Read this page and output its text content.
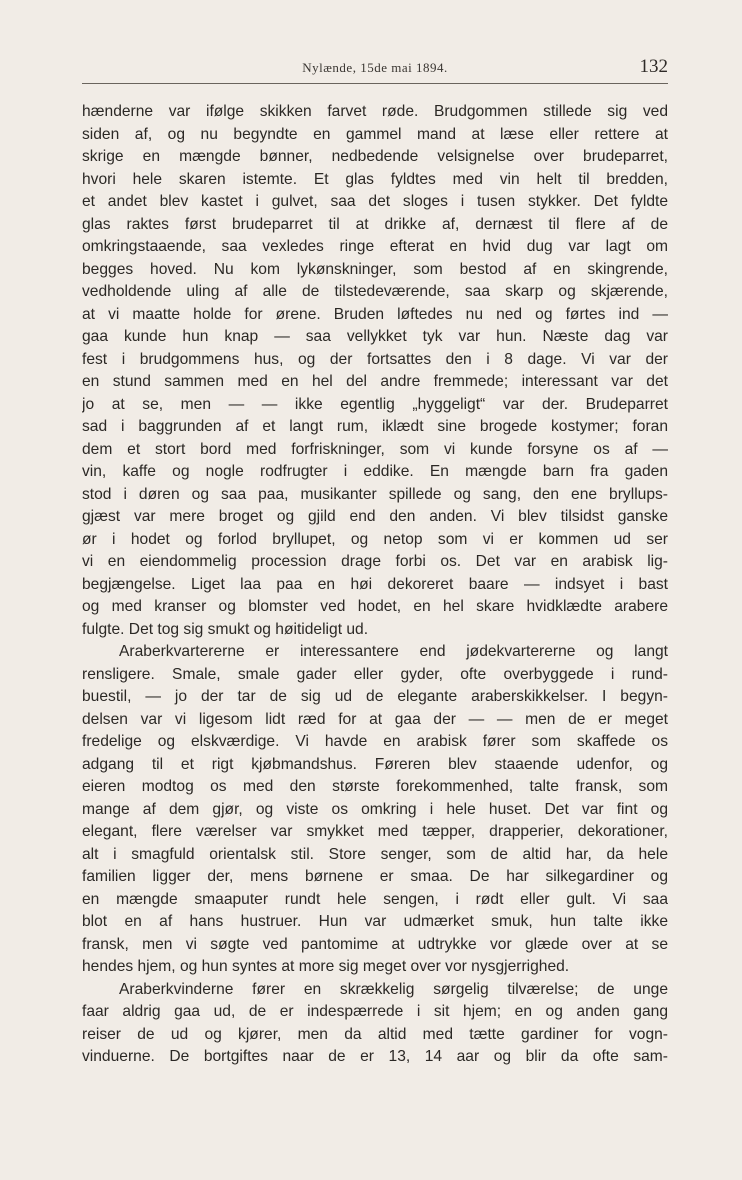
Nylænde, 15de mai 1894.	132
hænderne var ifølge skikken farvet røde. Brudgommen stillede sig ved
siden af, og nu begyndte en gammel mand at læse eller rettere at
skrige en mængde bønner, nedbedende velsignelse over brudeparret,
hvori hele skaren istemte. Et glas fyldtes med vin helt til bredden,
et andet blev kastet i gulvet, saa det sloges i tusen stykker. Det fyldte
glas raktes først brudeparret til at drikke af, dernæst til flere af de
omkringstaaende, saa vexledes ringe efterat en hvid dug var lagt om
begges hoved. Nu kom lykønskninger, som bestod af en skingrende,
vedholdende uling af alle de tilstedeværende, saa skarp og skjærende,
at vi maatte holde for ørene. Bruden løftedes nu ned og førtes ind —
gaa kunde hun knap — saa vellykket tyk var hun. Næste dag var
fest i brudgommens hus, og der fortsattes den i 8 dage. Vi var der
en stund sammen med en hel del andre fremmede; interessant var det
jo at se, men — — ikke egentlig „hyggeligt“ var der. Brudeparret
sad i baggrunden af et langt rum, iklædt sine brogede kostymer; foran
dem et stort bord med forfriskninger, som vi kunde forsyne os af —
vin, kaffe og nogle rodfrugter i eddike. En mængde barn fra gaden
stod i døren og saa paa, musikanter spillede og sang, den ene bryllups-
gjæst var mere broget og gjild end den anden. Vi blev tilsidst ganske
ør i hodet og forlod bryllupet, og netop som vi er kommen ud ser
vi en eiendommelig procession drage forbi os. Det var en arabisk lig-
begjængelse. Liget laa paa en høi dekoreret baare — indsyet i bast
og med kranser og blomster ved hodet, en hel skare hvidklædte arabere
fulgte. Det tog sig smukt og høitideligt ud.
Araberkvartererne er interessantere end jødekvartererne og langt
rensligere. Smale, smale gader eller gyder, ofte overbyggede i rund-
buestil, — jo der tar de sig ud de elegante araberskikkelser. I begyn-
delsen var vi ligesom lidt ræd for at gaa der — — men de er meget
fredelige og elskværdige. Vi havde en arabisk fører som skaffede os
adgang til et rigt kjøbmandshus. Føreren blev staaende udenfor, og
eieren modtog os med den største forekommenhed, talte fransk, som
mange af dem gjør, og viste os omkring i hele huset. Det var fint og
elegant, flere værelser var smykket med tæpper, drapperier, dekorationer,
alt i smagfuld orientalsk stil. Store senger, som de altid har, da hele
familien ligger der, mens børnene er smaa. De har silkegardiner og
en mængde smaaputer rundt hele sengen, i rødt eller gult. Vi saa
blot en af hans hustruer. Hun var udmærket smuk, hun talte ikke
fransk, men vi søgte ved pantomime at udtrykke vor glæde over at se
hendes hjem, og hun syntes at more sig meget over vor nysgjerrighed.
Araberkvinderne fører en skrækkelig sørgelig tilværelse; de unge
faar aldrig gaa ud, de er indespærrede i sit hjem; en og anden gang
reiser de ud og kjører, men da altid med tætte gardiner for vogn-
vinduerne. De bortgiftes naar de er 13, 14 aar og blir da ofte sam-
